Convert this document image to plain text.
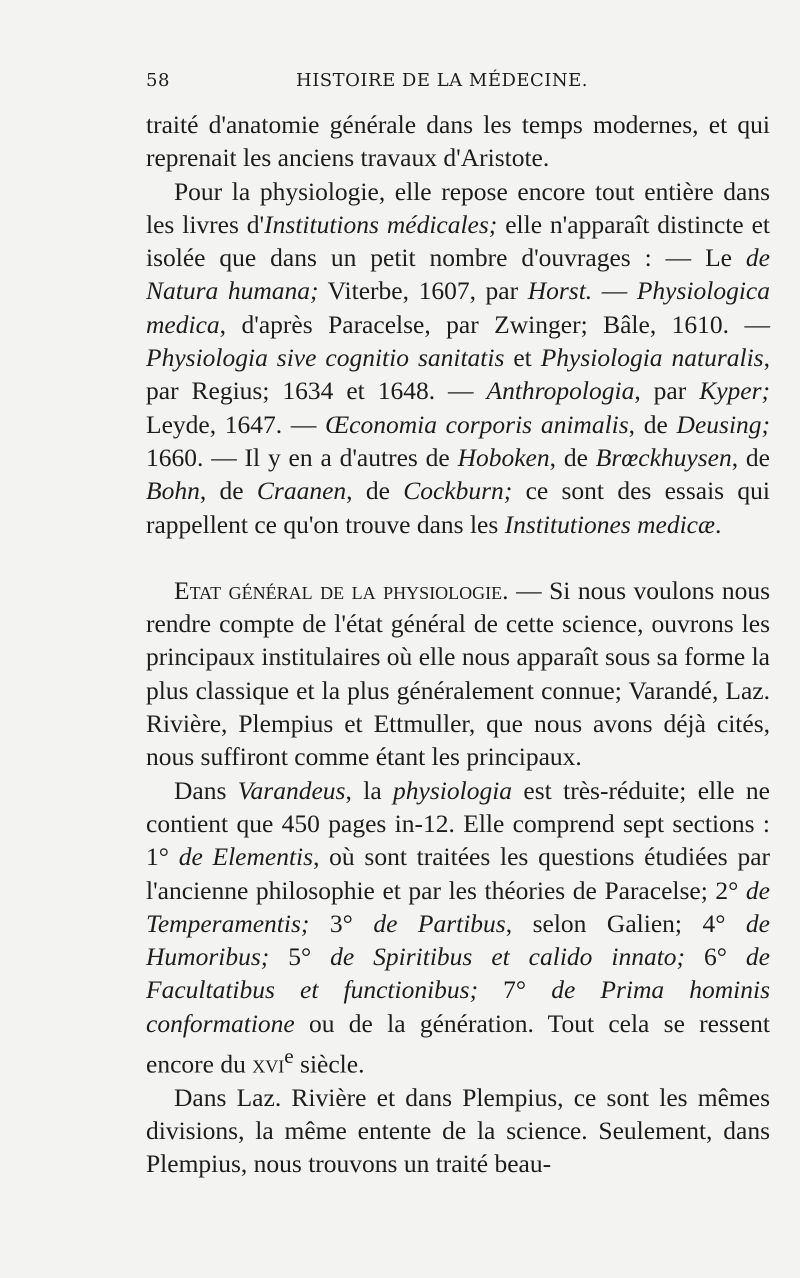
58	HISTOIRE DE LA MÉDECINE.

traité d'anatomie générale dans les temps modernes, et qui reprenait les anciens travaux d'Aristote.

Pour la physiologie, elle repose encore tout entière dans les livres d'Institutions médicales; elle n'apparaît distincte et isolée que dans un petit nombre d'ouvrages : — Le de Natura humana; Viterbe, 1607, par Horst. — Physiologica medica, d'après Paracelse, par Zwinger; Bâle, 1610. — Physiologia sive cognitio sanitatis et Physiologia naturalis, par Regius; 1634 et 1648. — Anthropologia, par Kyper; Leyde, 1647. — Œconomia corporis animalis, de Deusing; 1660. — Il y en a d'autres de Hoboken, de Brœckhuysen, de Bohn, de Craanen, de Cockburn; ce sont des essais qui rappellent ce qu'on trouve dans les Institutiones medicæ.

Etat général de la physiologie. — Si nous voulons nous rendre compte de l'état général de cette science, ouvrons les principaux institulaires où elle nous apparaît sous sa forme la plus classique et la plus généralement connue; Varandé, Laz. Rivière, Plempius et Ettmuller, que nous avons déjà cités, nous suffiront comme étant les principaux.

Dans Varandeus, la physiologia est très-réduite; elle ne contient que 450 pages in-12. Elle comprend sept sections : 1° de Elementis, où sont traitées les questions étudiées par l'ancienne philosophie et par les théories de Paracelse; 2° de Temperamentis; 3° de Partibus, selon Galien; 4° de Humoribus; 5° de Spiritibus et calido innato; 6° de Facultatibus et functionibus; 7° de Prima hominis conformatione ou de la génération. Tout cela se ressent encore du xvi$^e$ siècle.

Dans Laz. Rivière et dans Plempius, ce sont les mêmes divisions, la même entente de la science. Seulement, dans Plempius, nous trouvons un traité beau-
